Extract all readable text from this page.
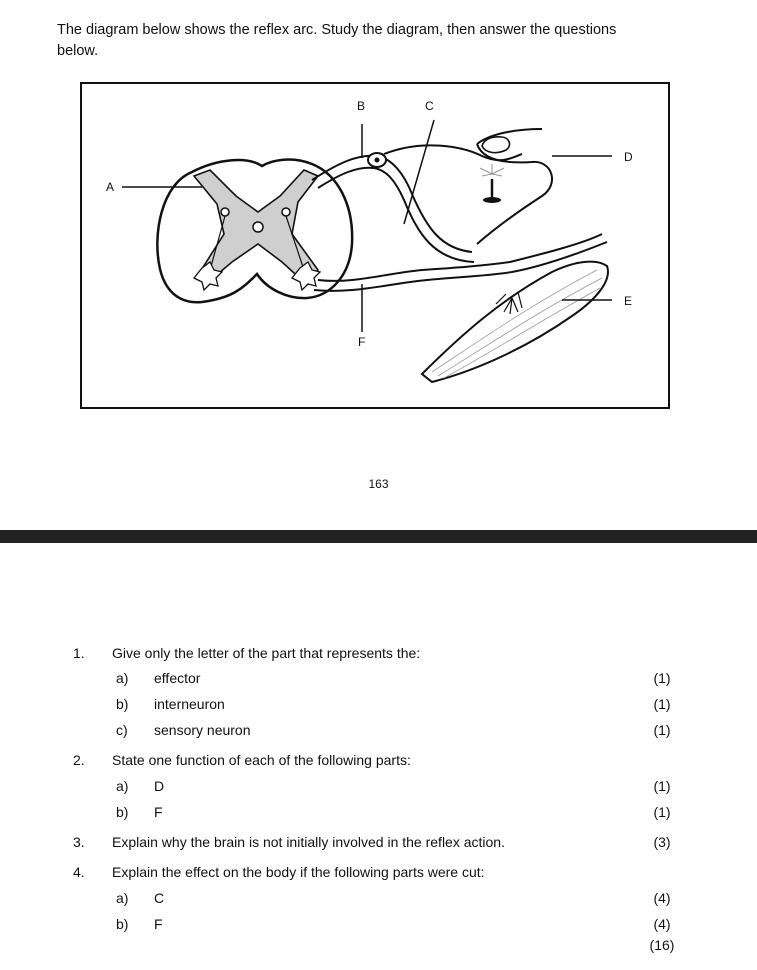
The diagram below shows the reflex arc. Study the diagram, then answer the questions below.
A
B	C
D
E
F
163
1. Give only the letter of the part that represents the:
a) effector	(1)
b) interneuron	(1)
c) sensory neuron	(1)
2. State one function of each of the following parts:
a) D	(1)
b) F	(1)
3. Explain why the brain is not initially involved in the reflex action.	(3)
4. Explain the effect on the body if the following parts were cut:
a) C	(4)
b) F	(4)
(16)
